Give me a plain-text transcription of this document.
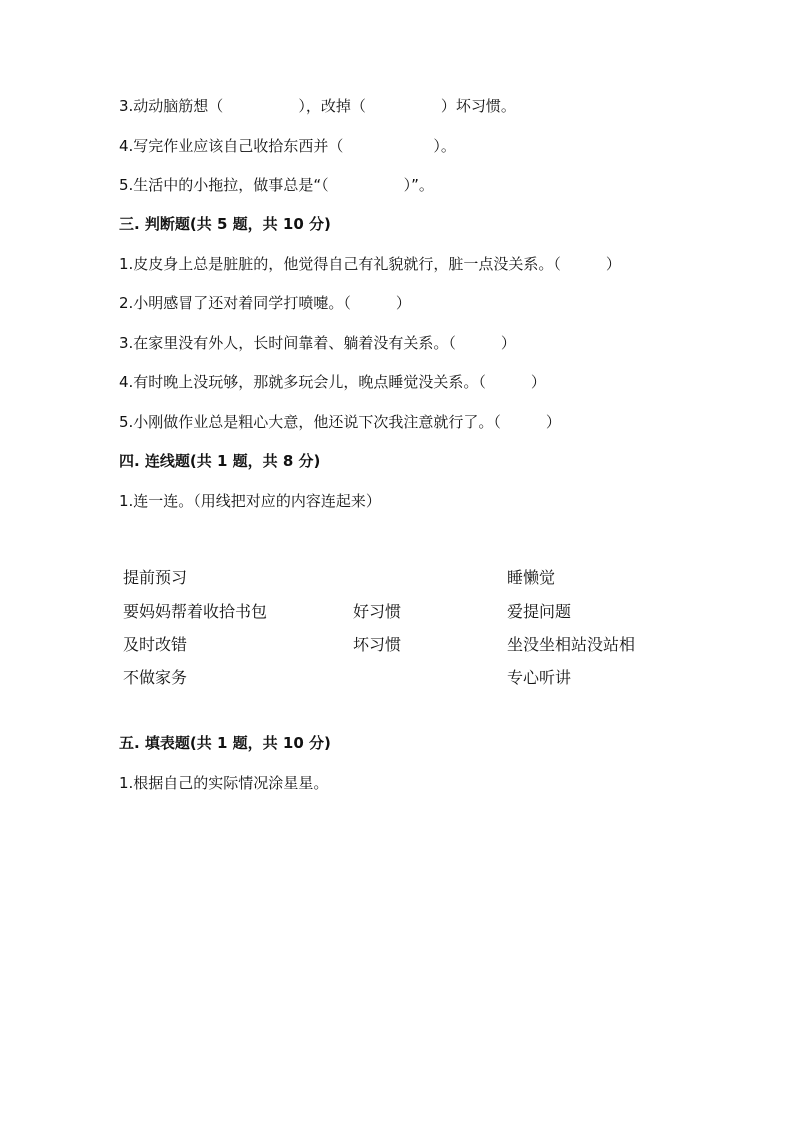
3.动动脑筋想（　　　　　），改掉（　　　　　）坏习惯。
4.写完作业应该自己收拾东西并（　　　　　　）。
5.生活中的小拖拉，做事总是“（　　　　　）”。
三. 判断题(共 5 题，共 10 分)
1.皮皮身上总是脏脏的，他觉得自己有礼貌就行，脏一点没关系。（　　　）
2.小明感冒了还对着同学打喷嚏。（　　　）
3.在家里没有外人，长时间靠着、躺着没有关系。（　　　）
4.有时晚上没玩够，那就多玩会儿，晚点睡觉没关系。（　　　）
5.小刚做作业总是粗心大意，他还说下次我注意就行了。（　　　）
四. 连线题(共 1 题，共 8 分)
1.连一连。（用线把对应的内容连起来）
提前预习
要妈妈帮着收拾书包
及时改错
不做家务
好习惯
坏习惯
睡懒觉
爱提问题
坐没坐相站没站相
专心听讲
五. 填表题(共 1 题，共 10 分)
1.根据自己的实际情况涂星星。
